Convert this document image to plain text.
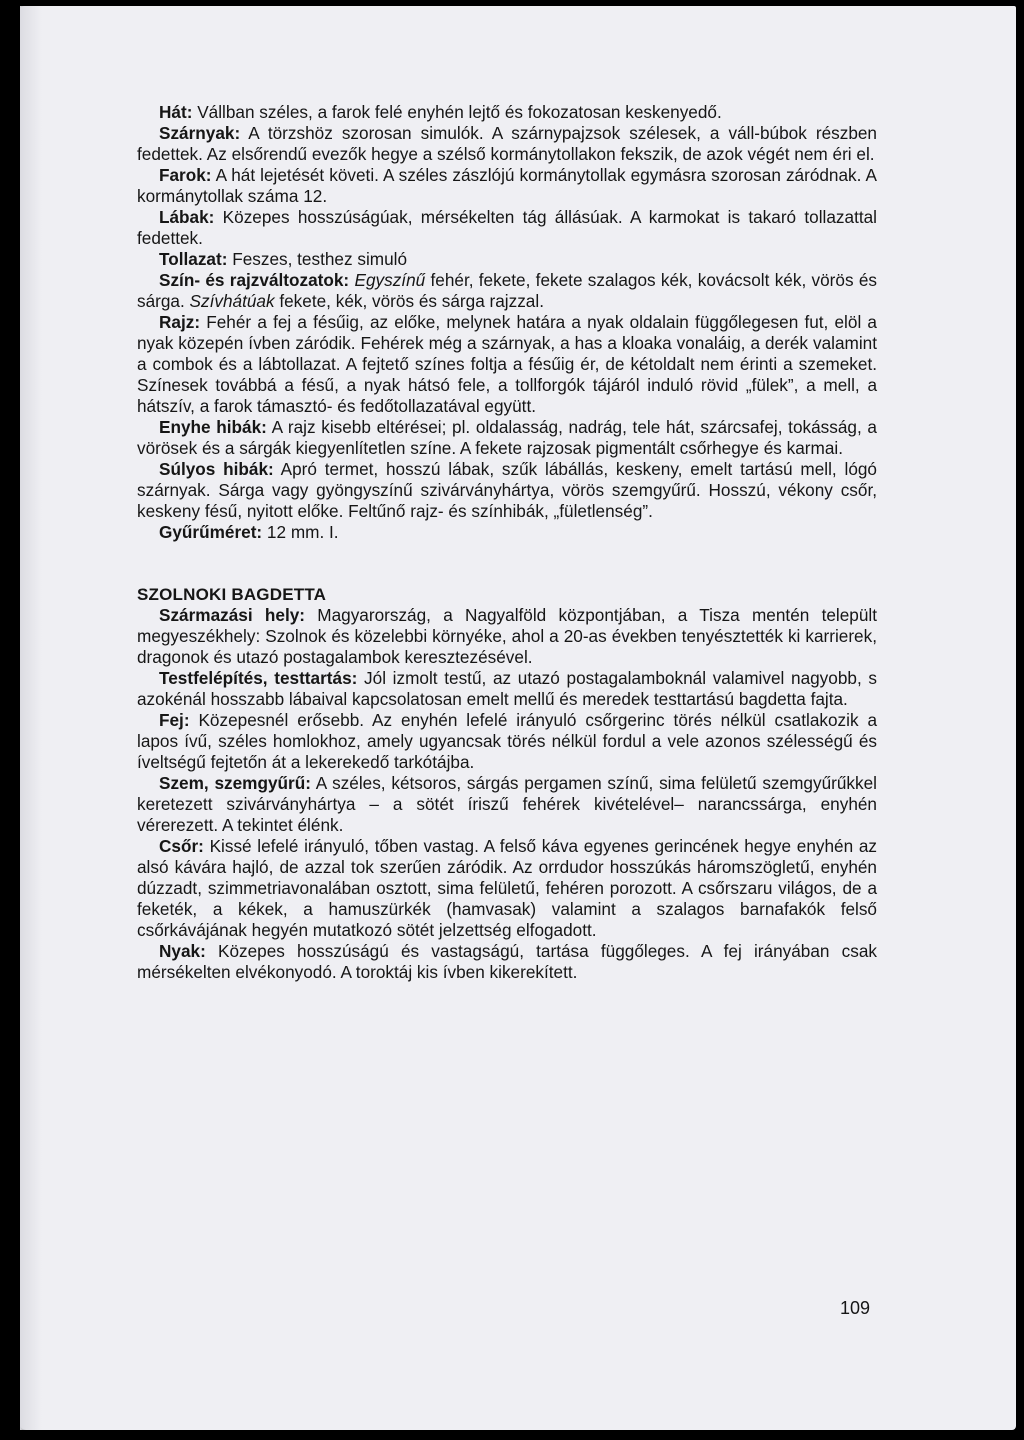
Hát: Vállban széles, a farok felé enyhén lejtő és fokozatosan keskenyedő.

Szárnyak: A törzshöz szorosan simulók. A szárnypajzsok szélesek, a váll-búbok részben fedettek. Az elsőrendű evezők hegye a szélső kormánytollakon fekszik, de azok végét nem éri el.

Farok: A hát lejetését követi. A széles zászlójú kormánytollak egymásra szorosan záródnak. A kormánytollak száma 12.

Lábak: Közepes hosszúságúak, mérsékelten tág állásúak. A karmokat is takaró tollazattal fedettek.

Tollazat: Feszes, testhez simuló

Szín- és rajzváltozatok: Egyszínű fehér, fekete, fekete szalagos kék, kovácsolt kék, vörös és sárga. Szívhátúak fekete, kék, vörös és sárga rajzzal.

Rajz: Fehér a fej a fésűig, az előke, melynek határa a nyak oldalain függőlegesen fut, elöl a nyak közepén ívben záródik. Fehérek még a szárnyak, a has a kloaka vonaláig, a derék valamint a combok és a lábtollazat. A fejtető színes foltja a fésűig ér, de kétoldalt nem érinti a szemeket. Színesek továbbá a fésű, a nyak hátsó fele, a tollforgók tájáról induló rövid „fülek”, a mell, a hátszív, a farok támasztó- és fedőtollazatával együtt.

Enyhe hibák: A rajz kisebb eltérései; pl. oldalasság, nadrág, tele hát, szárcsafej, tokásság, a vörösek és a sárgák kiegyenlítetlen színe. A fekete rajzosak pigmentált csőrhegye és karmai.

Súlyos hibák: Apró termet, hosszú lábak, szűk lábállás, keskeny, emelt tartású mell, lógó szárnyak. Sárga vagy gyöngyszínű szivárványhártya, vörös szemgyűrű. Hosszú, vékony csőr, keskeny fésű, nyitott előke. Feltűnő rajz- és színhibák, „fületlenség”.

Gyűrűméret: 12 mm. I.

SZOLNOKI BAGDETTA

Származási hely: Magyarország, a Nagyalföld központjában, a Tisza mentén települt megyeszékhely: Szolnok és közelebbi környéke, ahol a 20-as években tenyésztették ki karrierek, dragonok és utazó postagalambok keresztezésével.

Testfelépítés, testtartás: Jól izmolt testű, az utazó postagalamboknál valamivel nagyobb, s azokénál hosszabb lábaival kapcsolatosan emelt mellű és meredek testtartású bagdetta fajta.

Fej: Közepesnél erősebb. Az enyhén lefelé irányuló csőrgerinc törés nélkül csatlakozik a lapos ívű, széles homlokhoz, amely ugyancsak törés nélkül fordul a vele azonos szélességű és íveltségű fejtetőn át a lekerekedő tarkótájba.

Szem, szemgyűrű: A széles, kétsoros, sárgás pergamen színű, sima felületű szemgyűrűkkel keretezett szivárványhártya – a sötét íriszű fehérek kivételével– narancssárga, enyhén vérerezett. A tekintet élénk.

Csőr: Kissé lefelé irányuló, tőben vastag. A felső káva egyenes gerincének hegye enyhén az alsó kávára hajló, de azzal tok szerűen záródik. Az orrdudor hosszúkás háromszögletű, enyhén dúzzadt, szimmetriavonalában osztott, sima felületű, fehéren porozott. A csőrszaru világos, de a feketék, a kékek, a hamuszürkék (hamvasak) valamint a szalagos barnafakók felső csőrkávájának hegyén mutatkozó sötét jelzettség elfogadott.

Nyak: Közepes hosszúságú és vastagságú, tartása függőleges. A fej irányában csak mérsékelten elvékonyodó. A toroktáj kis ívben kikerekített.

109
